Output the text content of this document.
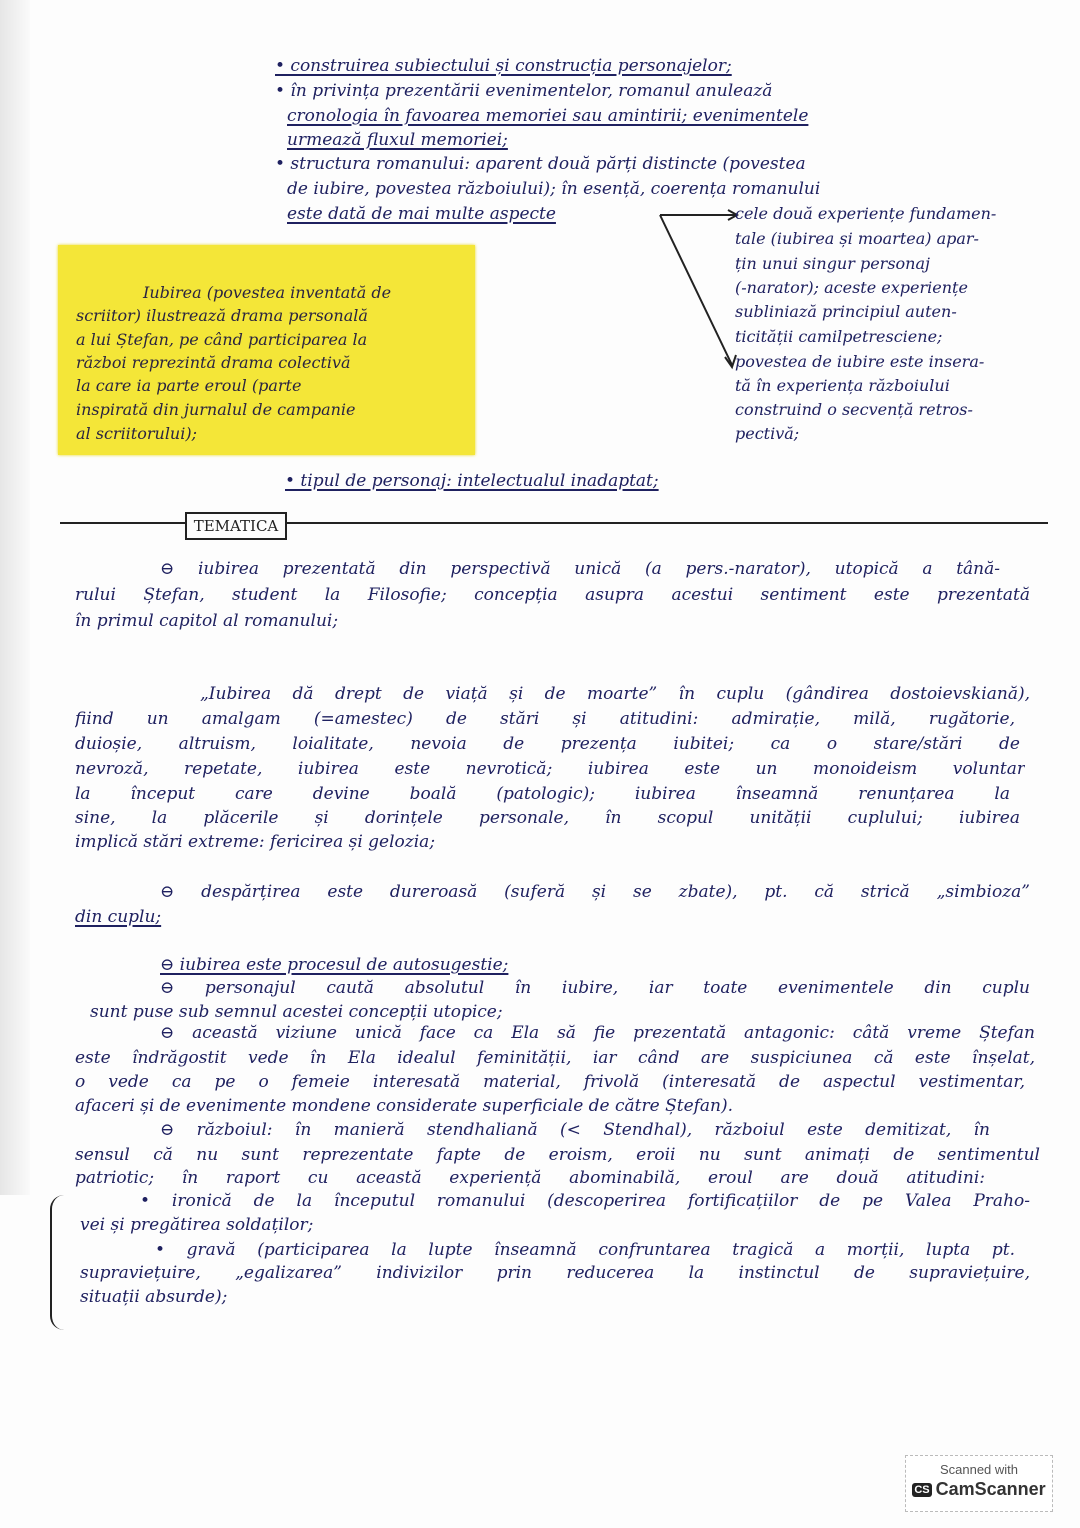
• construirea subiectului și construcția personajelor;
• în privința prezentării evenimentelor, romanul anulează
cronologia în favoarea memoriei sau amintirii; evenimentele
urmează fluxul memoriei;
• structura romanului: aparent două părți distincte (povestea
de iubire, povestea războiului); în esență, coerența romanului
este dată de mai multe aspecte	cele două experiențe fundamen-
tale (iubirea și moartea) apar-
țin unui singur personaj
(-narator); aceste experiențe
subliniază principiul auten-
ticității camilpetresciene;
povestea de iubire este insera-
tă în experiența războiului
construind o secvență retros-
pectivă;
Iubirea (povestea inventată de
scriitor) ilustrează drama personală
a lui Ștefan, pe când participarea la
război reprezintă drama colectivă
la care ia parte eroul (parte
inspirată din jurnalul de campanie
al scriitorului);
• tipul de personaj: intelectualul inadaptat;
TEMATICA
⊖ iubirea prezentată din perspectivă unică (a pers.-narator), utopică a tână-
rului Ștefan, student la Filosofie; concepția asupra acestui sentiment este prezentată
în primul capitol al romanului;
„Iubirea dă drept de viață și de moarte” în cuplu (gândirea dostoievskiană),
fiind un amalgam (=amestec) de stări și atitudini: admirație, milă, rugătorie,
duioșie, altruism, loialitate, nevoia de prezența iubitei; ca o stare/stări de
nevroză, repetate, iubirea este nevrotică; iubirea este un monoideism voluntar
la început care devine boală (patologic); iubirea înseamnă renunțarea la
sine, la plăcerile și dorințele personale, în scopul unității cuplului; iubirea
implică stări extreme: fericirea și gelozia;
⊖ despărțirea este dureroasă (suferă și se zbate), pt. că strică „simbioza”
din cuplu;
⊖ iubirea este procesul de autosugestie;
⊖ personajul caută absolutul în iubire, iar toate evenimentele din cuplu
sunt puse sub semnul acestei concepții utopice;
⊖ această viziune unică face ca Ela să fie prezentată antagonic: câtă vreme Ștefan
este îndrăgostit vede în Ela idealul feminității, iar când are suspiciunea că este înșelat,
o vede ca pe o femeie interesată material, frivolă (interesată de aspectul vestimentar,
afaceri și de evenimente mondene considerate superficiale de către Ștefan).
⊖ războiul: în manieră stendhaliană (< Stendhal), războiul este demitizat, în
sensul că nu sunt reprezentate fapte de eroism, eroii nu sunt animați de sentimentul
patriotic; în raport cu această experiență abominabilă, eroul are două atitudini:
• ironică de la începutul romanului (descoperirea fortificațiilor de pe Valea Praho-
vei și pregătirea soldaților;
• gravă (participarea la lupte înseamnă confruntarea tragică a morții, lupta pt.
supraviețuire, „egalizarea” indivizilor prin reducerea la instinctul de supraviețuire,
situații absurde);
Scanned with
CS CamScanner
